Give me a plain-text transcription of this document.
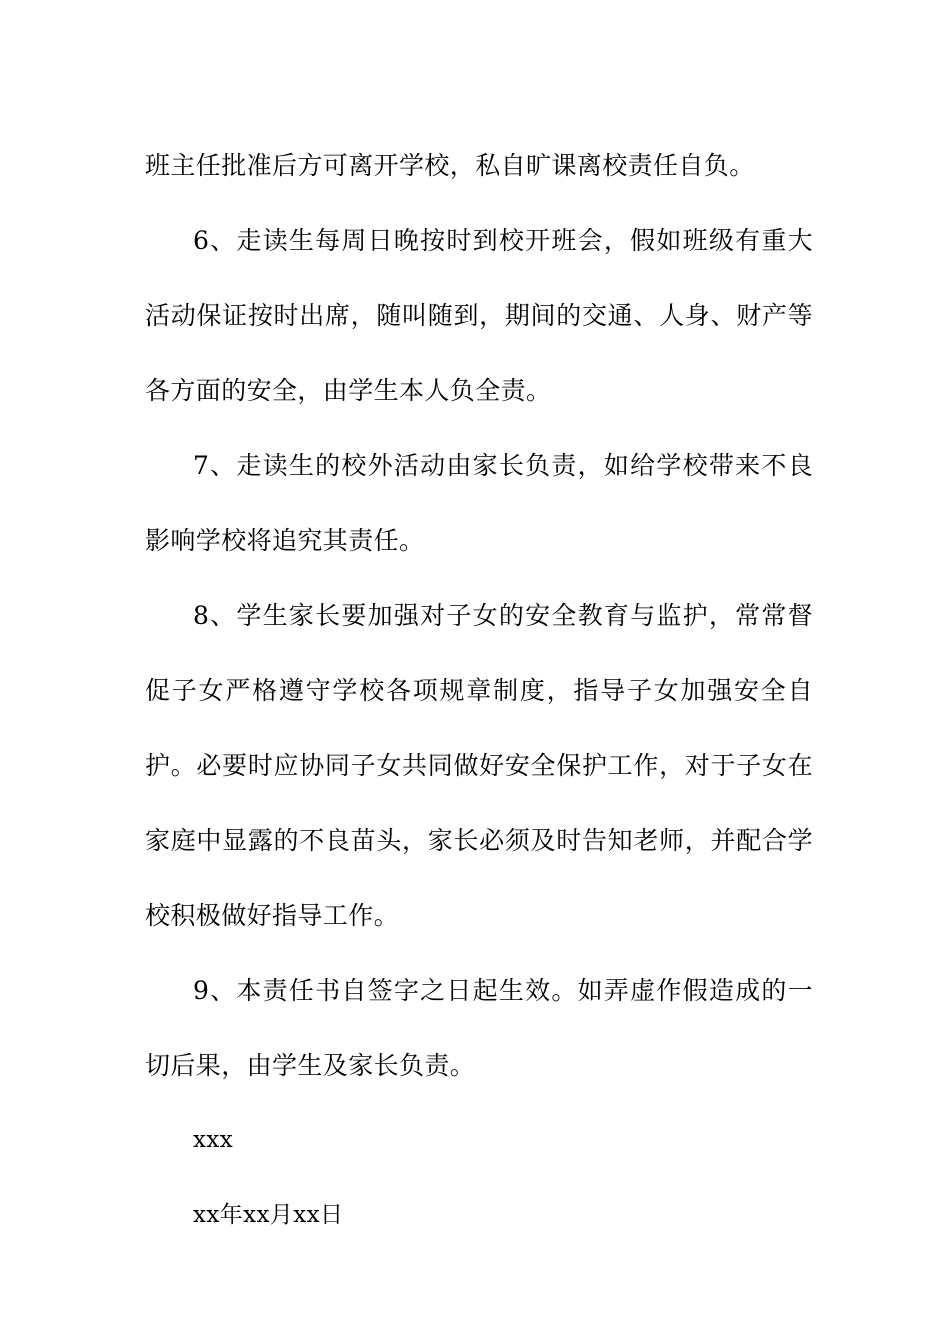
班主任批准后方可离开学校，私自旷课离校责任自负。

6、走读生每周日晚按时到校开班会，假如班级有重大活动保证按时出席，随叫随到，期间的交通、人身、财产等各方面的安全，由学生本人负全责。

7、走读生的校外活动由家长负责，如给学校带来不良影响学校将追究其责任。

8、学生家长要加强对子女的安全教育与监护，常常督促子女严格遵守学校各项规章制度，指导子女加强安全自护。必要时应协同子女共同做好安全保护工作，对于子女在家庭中显露的不良苗头，家长必须及时告知老师，并配合学校积极做好指导工作。

9、本责任书自签字之日起生效。如弄虚作假造成的一切后果，由学生及家长负责。

xxx

xx年xx月xx日
